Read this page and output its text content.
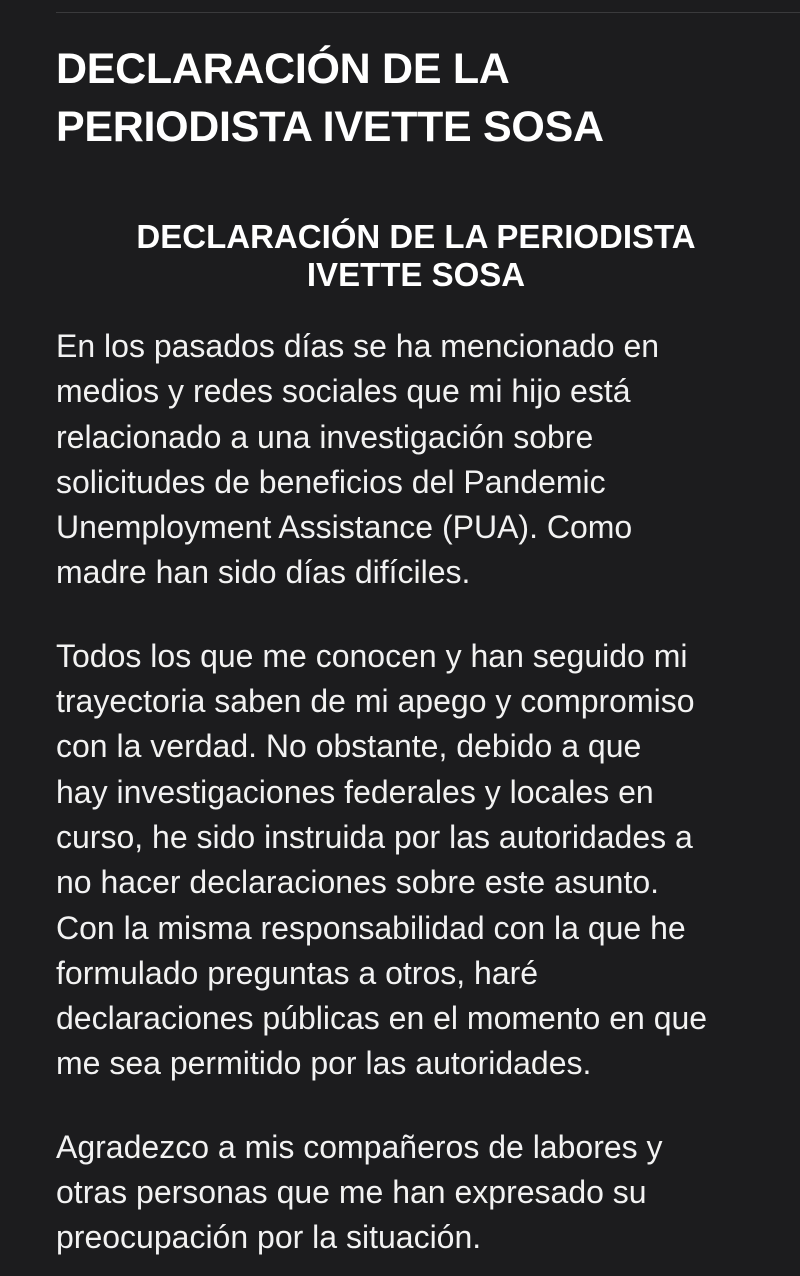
DECLARACIÓN DE LA
PERIODISTA IVETTE SOSA
DECLARACIÓN DE LA PERIODISTA
IVETTE SOSA

En los pasados días se ha mencionado en
medios y redes sociales que mi hijo está
relacionado a una investigación sobre
solicitudes de beneficios del Pandemic
Unemployment Assistance (PUA). Como
madre han sido días difíciles.

Todos los que me conocen y han seguido mi
trayectoria saben de mi apego y compromiso
con la verdad. No obstante, debido a que
hay investigaciones federales y locales en
curso, he sido instruida por las autoridades a
no hacer declaraciones sobre este asunto.
Con la misma responsabilidad con la que he
formulado preguntas a otros, haré
declaraciones públicas en el momento en que
me sea permitido por las autoridades.

Agradezco a mis compañeros de labores y
otras personas que me han expresado su
preocupación por la situación.
